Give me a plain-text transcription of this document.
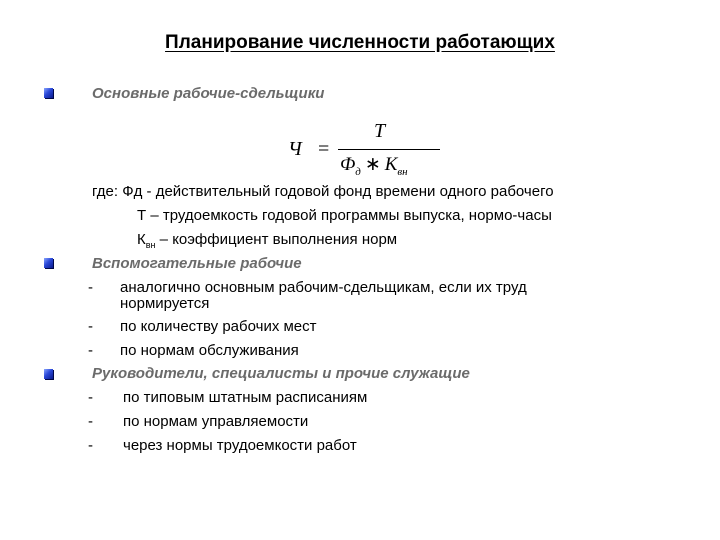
Планирование численности работающих
Основные рабочие-сдельщики
Ч =
T
$Ф_д$ ∗ $К_{вн}$
где: Фд - действительный годовой фонд времени одного рабочего
Т – трудоемкость годовой программы выпуска, нормо-часы
$К_{вн}$ – коэффициент выполнения норм
Вспомогательные рабочие
- аналогично основным рабочим-сдельщикам, если их труд
нормируется
- по количеству рабочих мест
- по нормам обслуживания
Руководители, специалисты и прочие служащие
- по типовым штатным расписаниям
- по нормам управляемости
- через нормы трудоемкости работ
